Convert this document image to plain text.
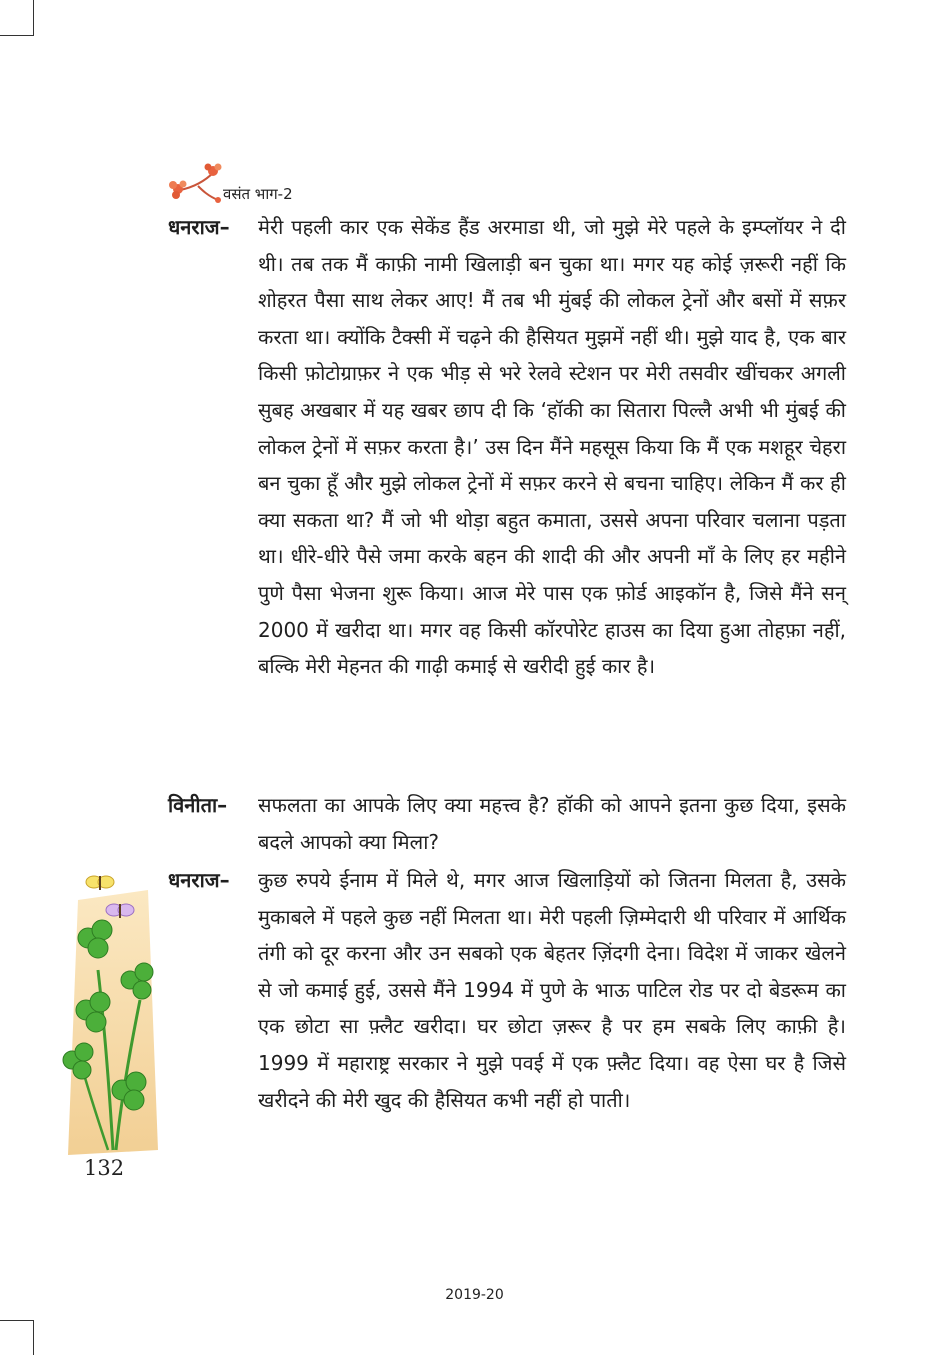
वसंत भाग-2
धनराज– मेरी पहली कार एक सेकेंड हैंड अरमाडा थी, जो मुझे मेरे पहले के इम्प्लॉयर ने दी थी। तब तक मैं काफ़ी नामी खिलाड़ी बन चुका था। मगर यह कोई ज़रूरी नहीं कि शोहरत पैसा साथ लेकर आए! मैं तब भी मुंबई की लोकल ट्रेनों और बसों में सफ़र करता था। क्योंकि टैक्सी में चढ़ने की हैसियत मुझमें नहीं थी। मुझे याद है, एक बार किसी फ़ोटोग्राफ़र ने एक भीड़ से भरे रेलवे स्टेशन पर मेरी तसवीर खींचकर अगली सुबह अखबार में यह खबर छाप दी कि ‘हॉकी का सितारा पिल्लै अभी भी मुंबई की लोकल ट्रेनों में सफ़र करता है।’ उस दिन मैंने महसूस किया कि मैं एक मशहूर चेहरा बन चुका हूँ और मुझे लोकल ट्रेनों में सफ़र करने से बचना चाहिए। लेकिन मैं कर ही क्या सकता था? मैं जो भी थोड़ा बहुत कमाता, उससे अपना परिवार चलाना पड़ता था। धीरे-धीरे पैसे जमा करके बहन की शादी की और अपनी माँ के लिए हर महीने पुणे पैसा भेजना शुरू किया। आज मेरे पास एक फ़ोर्ड आइकॉन है, जिसे मैंने सन् 2000 में खरीदा था। मगर वह किसी कॉरपोरेट हाउस का दिया हुआ तोहफ़ा नहीं, बल्कि मेरी मेहनत की गाढ़ी कमाई से खरीदी हुई कार है।
विनीता– सफलता का आपके लिए क्या महत्त्व है? हॉकी को आपने इतना कुछ दिया, इसके बदले आपको क्या मिला?
धनराज– कुछ रुपये ईनाम में मिले थे, मगर आज खिलाड़ियों को जितना मिलता है, उसके मुकाबले में पहले कुछ नहीं मिलता था। मेरी पहली ज़िम्मेदारी थी परिवार में आर्थिक तंगी को दूर करना और उन सबको एक बेहतर ज़िंदगी देना। विदेश में जाकर खेलने से जो कमाई हुई, उससे मैंने 1994 में पुणे के भाऊ पाटिल रोड पर दो बेडरूम का एक छोटा सा फ़्लैट खरीदा। घर छोटा ज़रूर है पर हम सबके लिए काफ़ी है। 1999 में महाराष्ट्र सरकार ने मुझे पवई में एक फ़्लैट दिया। वह ऐसा घर है जिसे खरीदने की मेरी खुद की हैसियत कभी नहीं हो पाती।
132
2019-20
